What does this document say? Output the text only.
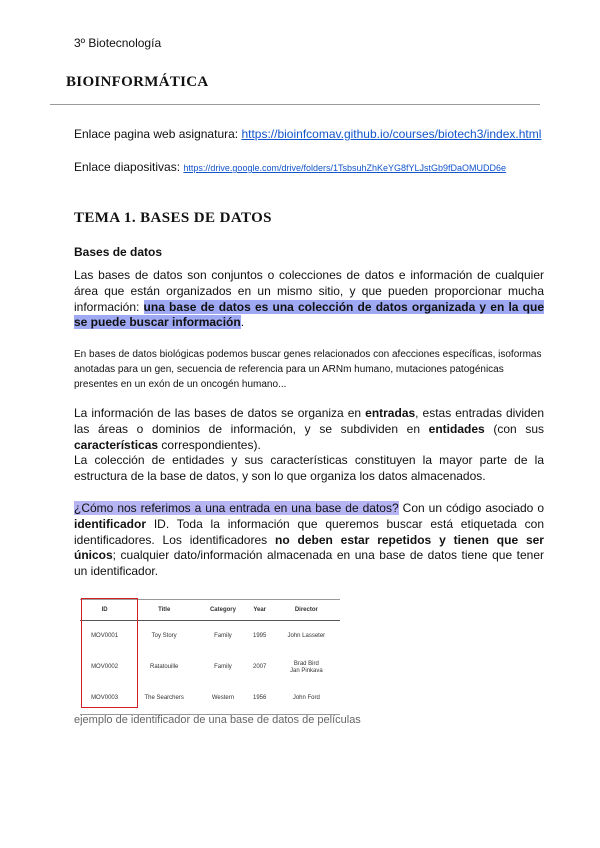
3º Biotecnología
BIOINFORMÁTICA
Enlace pagina web asignatura: https://bioinfcomav.github.io/courses/biotech3/index.html
Enlace diapositivas: https://drive.google.com/drive/folders/1TsbsuhZhKeYG8fYLJstGb9fDaOMUDD6e
TEMA 1. BASES DE DATOS
Bases de datos
Las bases de datos son conjuntos o colecciones de datos e información de cualquier área que están organizados en un mismo sitio, y que pueden proporcionar mucha información: una base de datos es una colección de datos organizada y en la que se puede buscar información.
En bases de datos biológicas podemos buscar genes relacionados con afecciones específicas, isoformas anotadas para un gen, secuencia de referencia para un ARNm humano, mutaciones patogénicas presentes en un exón de un oncogén humano...
La información de las bases de datos se organiza en entradas, estas entradas dividen las áreas o dominios de información, y se subdividen en entidades (con sus características correspondientes).
La colección de entidades y sus características constituyen la mayor parte de la estructura de la base de datos, y son lo que organiza los datos almacenados.
¿Cómo nos referimos a una entrada en una base de datos? Con un código asociado o identificador ID. Toda la información que queremos buscar está etiquetada con identificadores. Los identificadores no deben estar repetidos y tienen que ser únicos; cualquier dato/información almacenada en una base de datos tiene que tener un identificador.
ID	Title	Category	Year	Director
MOV0001	Toy Story	Family	1995	John Lasseter
MOV0002	Ratatouille	Family	2007	Brad Bird
Jan Pinkava
MOV0003	The Searchers	Western	1956	John Ford
ejemplo de identificador de una base de datos de películas
